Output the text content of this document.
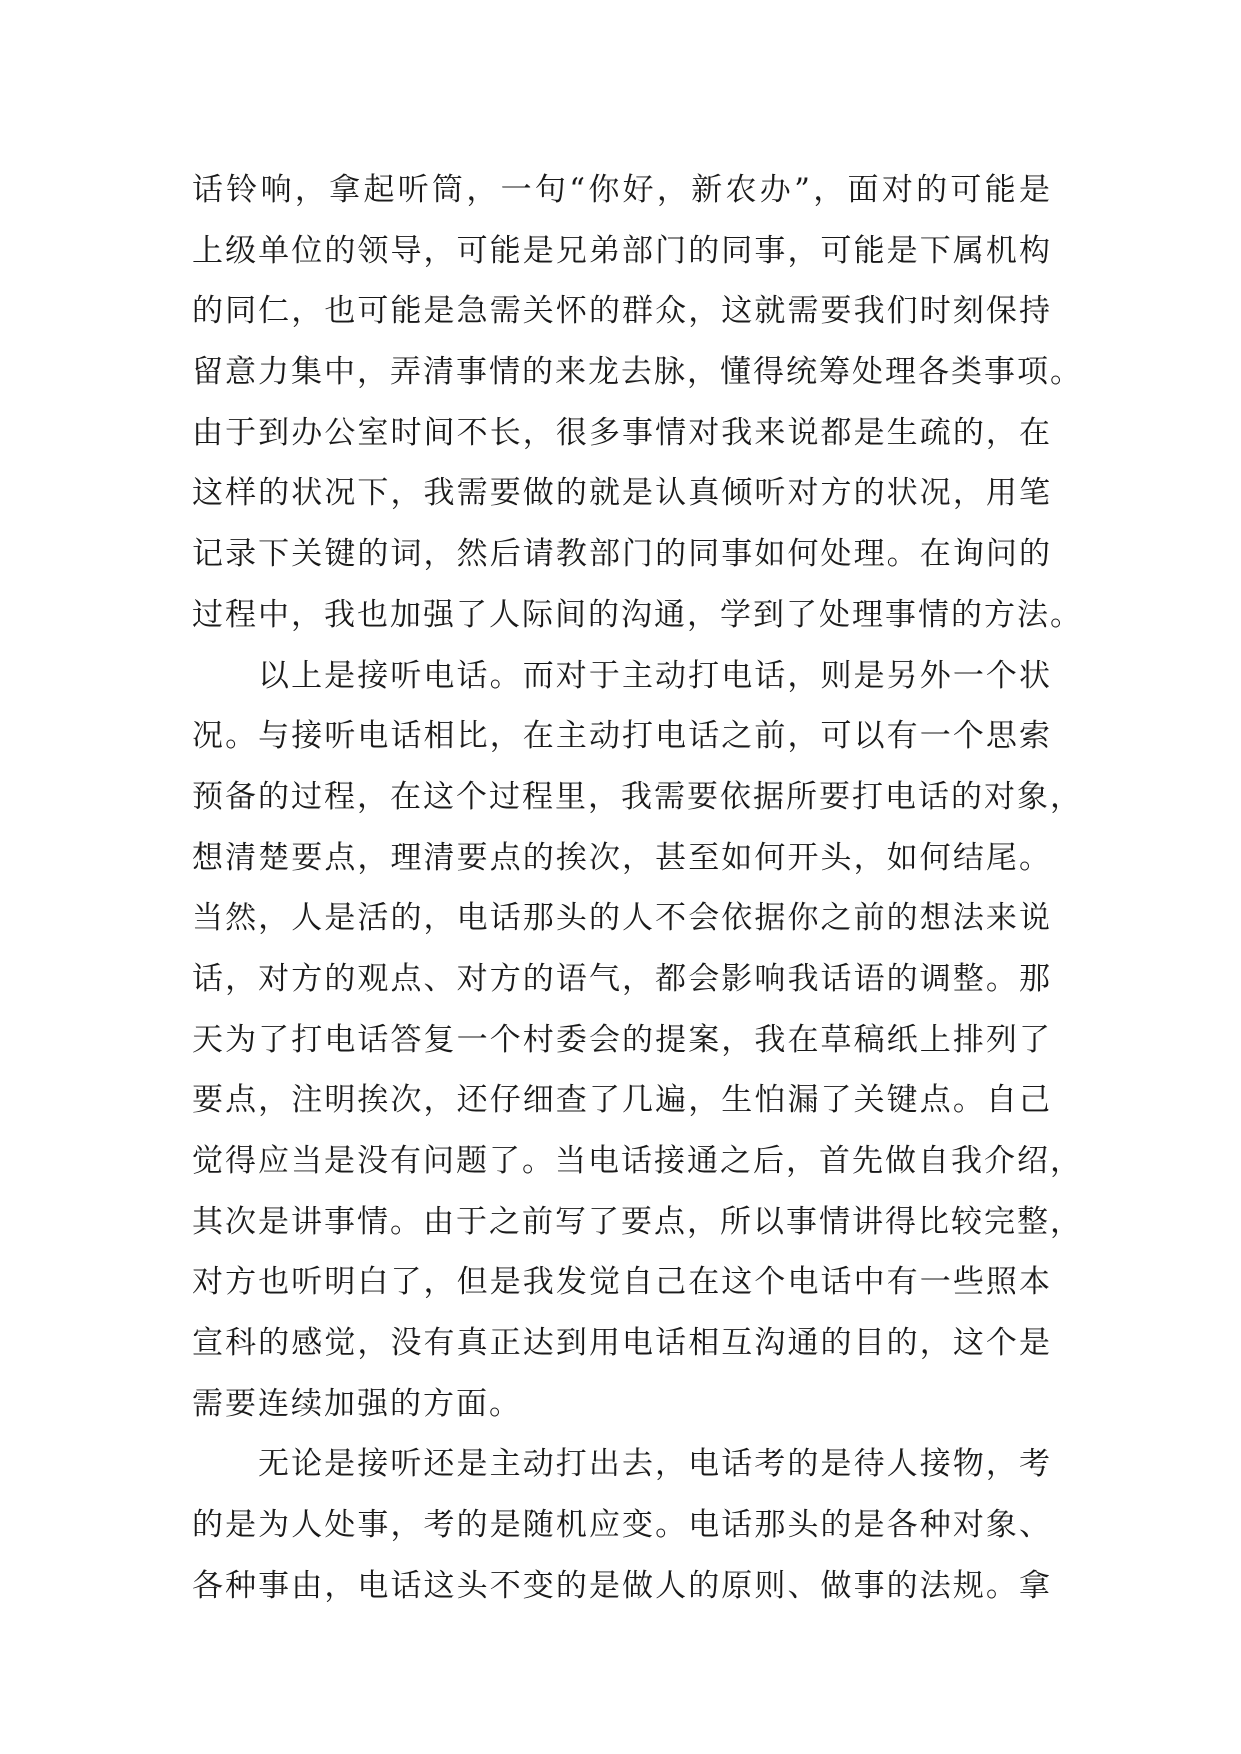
话铃响，拿起听筒，一句“你好，新农办”，面对的可能是
上级单位的领导，可能是兄弟部门的同事，可能是下属机构
的同仁，也可能是急需关怀的群众，这就需要我们时刻保持
留意力集中，弄清事情的来龙去脉，懂得统筹处理各类事项。
由于到办公室时间不长，很多事情对我来说都是生疏的，在
这样的状况下，我需要做的就是认真倾听对方的状况，用笔
记录下关键的词，然后请教部门的同事如何处理。在询问的
过程中，我也加强了人际间的沟通，学到了处理事情的方法。
以上是接听电话。而对于主动打电话，则是另外一个状
况。与接听电话相比，在主动打电话之前，可以有一个思索
预备的过程，在这个过程里，我需要依据所要打电话的对象，
想清楚要点，理清要点的挨次，甚至如何开头，如何结尾。
当然，人是活的，电话那头的人不会依据你之前的想法来说
话，对方的观点、对方的语气，都会影响我话语的调整。那
天为了打电话答复一个村委会的提案，我在草稿纸上排列了
要点，注明挨次，还仔细查了几遍，生怕漏了关键点。自己
觉得应当是没有问题了。当电话接通之后，首先做自我介绍，
其次是讲事情。由于之前写了要点，所以事情讲得比较完整，
对方也听明白了，但是我发觉自己在这个电话中有一些照本
宣科的感觉，没有真正达到用电话相互沟通的目的，这个是
需要连续加强的方面。
无论是接听还是主动打出去，电话考的是待人接物，考
的是为人处事，考的是随机应变。电话那头的是各种对象、
各种事由，电话这头不变的是做人的原则、做事的法规。拿
